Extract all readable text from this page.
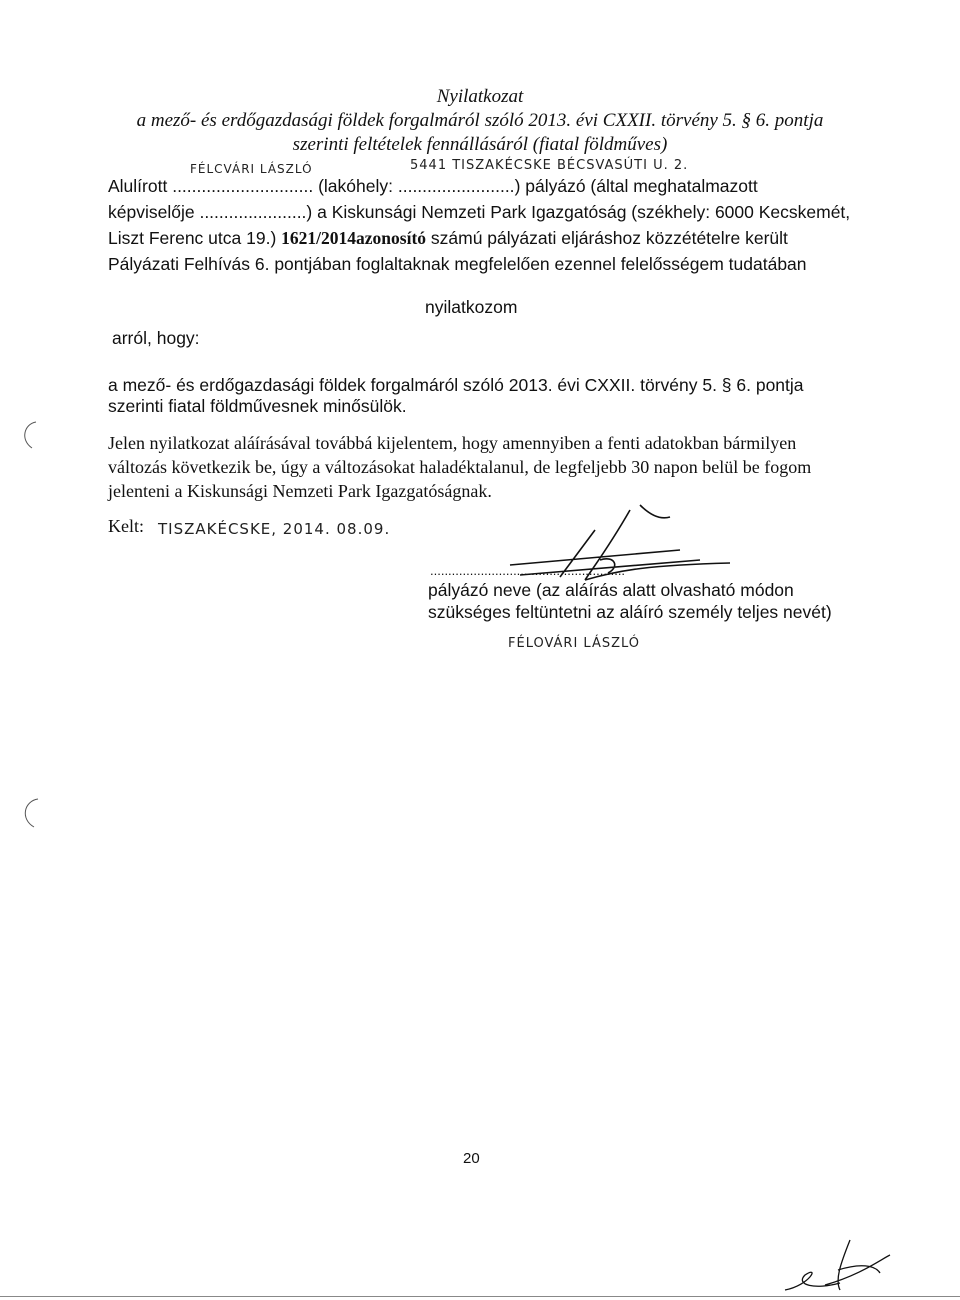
Nyilatkozat
a mező- és erdőgazdasági földek forgalmáról szóló 2013. évi CXXII. törvény 5. § 6. pontja
szerinti feltételek fennállásáról (fiatal földműves)
5441 TISZAKÉCSKE BÉCSVASÚTI U. 2.
FÉLCVÁRI LÁSZLÓ
Alulírott ............................. (lakóhely: ........................) pályázó (által meghatalmazott
képviselője ......................) a Kiskunsági Nemzeti Park Igazgatóság (székhely: 6000 Kecskemét,
Liszt Ferenc utca 19.) 1621/2014azonosító számú pályázati eljáráshoz közzétételre került
Pályázati Felhívás 6. pontjában foglaltaknak megfelelően ezennel felelősségem tudatában
nyilatkozom
arról, hogy:
a mező- és erdőgazdasági földek forgalmáról szóló 2013. évi CXXII. törvény 5. § 6. pontja
szerinti fiatal földművesnek minősülök.
Jelen nyilatkozat aláírásával továbbá kijelentem, hogy amennyiben a fenti adatokban bármilyen
változás következik be, úgy a változásokat haladéktalanul, de legfeljebb 30 napon belül be fogom
jelenteni a Kiskunsági Nemzeti Park Igazgatóságnak.
Kelt: TISZAKÉCSKE, 2014. 08.09.
......................................................
pályázó neve (az aláírás alatt olvasható módon
szükséges feltüntetni az aláíró személy teljes nevét)
FÉLOVÁRI LÁSZLÓ
20
